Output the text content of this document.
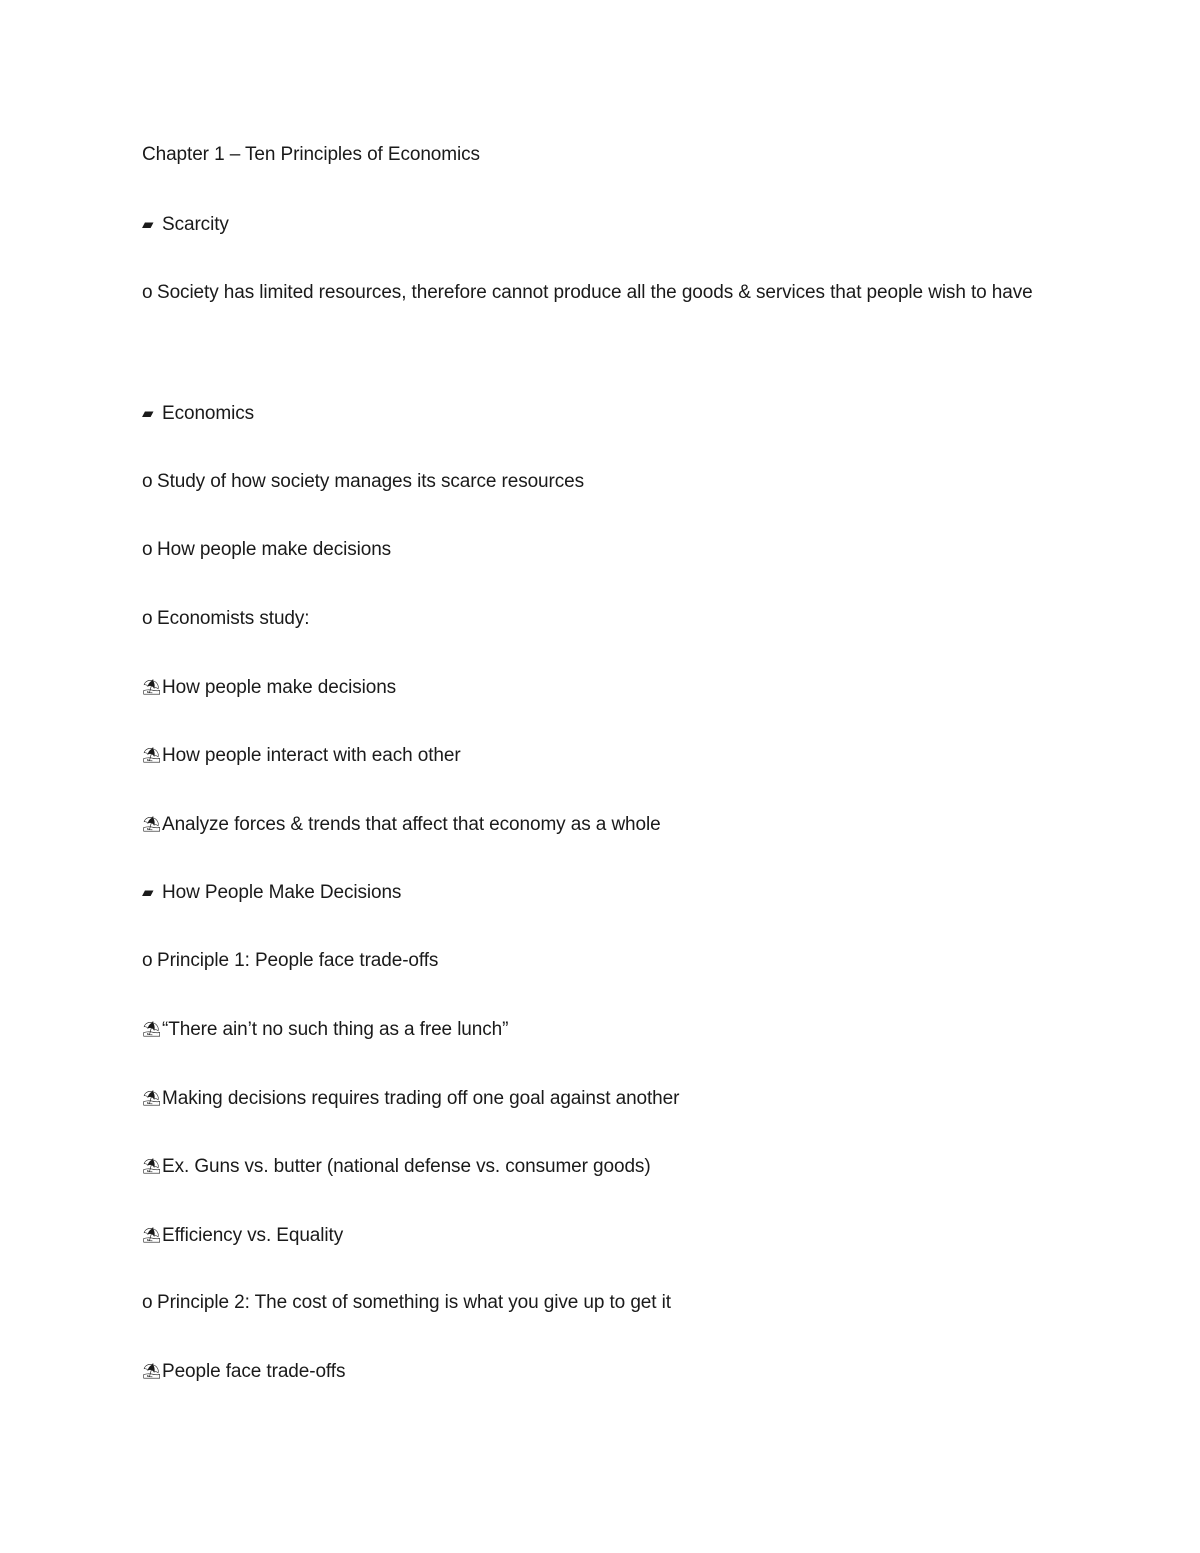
Chapter 1 – Ten Principles of Economics
▰ Scarcity
o Society has limited resources, therefore cannot produce all the goods & services that people wish to have
▰ Economics
o Study of how society manages its scarce resources
o How people make decisions
o Economists study:
⛱How people make decisions
⛱How people interact with each other
⛱Analyze forces & trends that affect that economy as a whole
▰ How People Make Decisions
o Principle 1: People face trade-offs
⛱“There ain’t no such thing as a free lunch”
⛱Making decisions requires trading off one goal against another
⛱Ex. Guns vs. butter (national defense vs. consumer goods)
⛱Efficiency vs. Equality
o Principle 2: The cost of something is what you give up to get it
⛱People face trade-offs
